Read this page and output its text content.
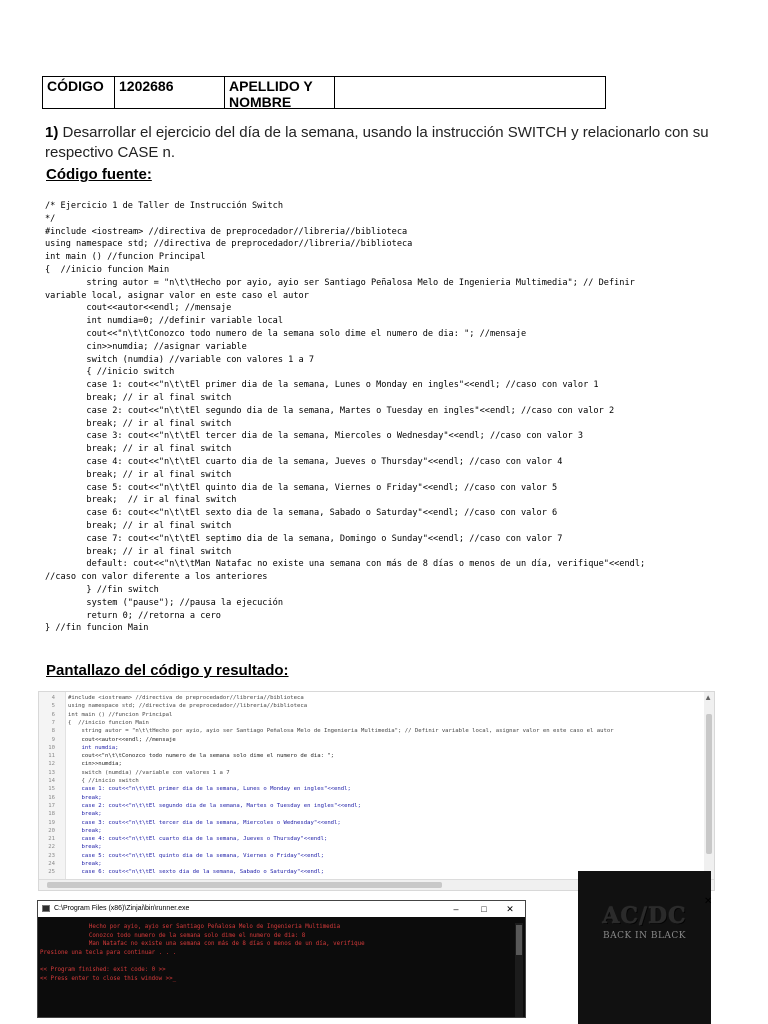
CÓDIGO	1202686	APELLIDO Y
NOMBRE
1) Desarrollar el ejercicio del día de la semana, usando la instrucción SWITCH y relacionarlo con su
respectivo CASE n.
Código fuente:
/* Ejercicio 1 de Taller de Instrucción Switch
*/
#include <iostream> //directiva de preprocedador//libreria//biblioteca
using namespace std; //directiva de preprocedador//libreria//biblioteca
int main () //funcion Principal
{  //inicio funcion Main
string autor = "n\t\tHecho por ayio, ayio ser Santiago Peñalosa Melo de Ingenieria Multimedia"; // Definir
variable local, asignar valor en este caso el autor
cout<<autor<<endl; //mensaje
int numdia=0; //definir variable local
cout<<"n\t\tConozco todo numero de la semana solo dime el numero de dia: "; //mensaje
cin>>numdia; //asignar variable
switch (numdia) //variable con valores 1 a 7
{ //inicio switch
case 1: cout<<"n\t\tEl primer dia de la semana, Lunes o Monday en ingles"<<endl; //caso con valor 1
break; // ir al final switch
case 2: cout<<"n\t\tEl segundo dia de la semana, Martes o Tuesday en ingles"<<endl; //caso con valor 2
break; // ir al final switch
case 3: cout<<"n\t\tEl tercer dia de la semana, Miercoles o Wednesday"<<endl; //caso con valor 3
break; // ir al final switch
case 4: cout<<"n\t\tEl cuarto dia de la semana, Jueves o Thursday"<<endl; //caso con valor 4
break; // ir al final switch
case 5: cout<<"n\t\tEl quinto dia de la semana, Viernes o Friday"<<endl; //caso con valor 5
break;  // ir al final switch
case 6: cout<<"n\t\tEl sexto dia de la semana, Sabado o Saturday"<<endl; //caso con valor 6
break; // ir al final switch
case 7: cout<<"n\t\tEl septimo dia de la semana, Domingo o Sunday"<<endl; //caso con valor 7
break; // ir al final switch
default: cout<<"n\t\tMan Natafac no existe una semana con más de 8 días o menos de un día, verifique"<<endl;
//caso con valor diferente a los anteriores
} //fin switch
system ("pause"); //pausa la ejecución
return 0; //retorna a cero
} //fin funcion Main
Pantallazo del código y resultado:
4 #include <iostream> //directiva de preprocedador//libreria//biblioteca
5 using namespace std; //directiva de preprocedador//libreria//biblioteca
6 int main () //funcion Principal
7 {  //inicio funcion Main
8 string autor = "n\t\tHecho por ayio, ayio ser Santiago Peñalosa Melo de Ingenieria Multimedia"; // Definir variable local, asignar valor en este caso el autor
9 cout<<autor<<endl; //mensaje
10 int numdia;
11 cout<<"n\t\tConozco todo numero de la semana solo dime el numero de dia: ";
12 cin>>numdia;
13 switch (numdia) //variable con valores 1 a 7
14 { //inicio switch
15 case 1: cout<<"n\t\tEl primer dia de la semana, Lunes o Monday en ingles"<<endl;
16 break;
17 case 2: cout<<"n\t\tEl segundo dia de la semana, Martes o Tuesday en ingles"<<endl;
18 break;
19 case 3: cout<<"n\t\tEl tercer dia de la semana, Miercoles o Wednesday"<<endl;
20 break;
21 case 4: cout<<"n\t\tEl cuarto dia de la semana, Jueves o Thursday"<<endl;
22 break;
23 case 5: cout<<"n\t\tEl quinto dia de la semana, Viernes o Friday"<<endl;
24 break;
25 case 6: cout<<"n\t\tEl sexto dia de la semana, Sabado o Saturday"<<endl;
▲
C:\Program Files (x86)\Zinjai\bin\runner.exe	–	□	✕
Hecho por ayio, ayio ser Santiago Peñalosa Melo de Ingenieria Multimedia
Conozco todo numero de la semana solo dime el numero de dia: 8
Man Natafac no existe una semana con más de 8 días o menos de un día, verifique
Presione una tecla para continuar . . .
<< Program finished: exit code: 0 >>
<< Press enter to close this window >>_
AC/DC
BACK IN BLACK
✕
